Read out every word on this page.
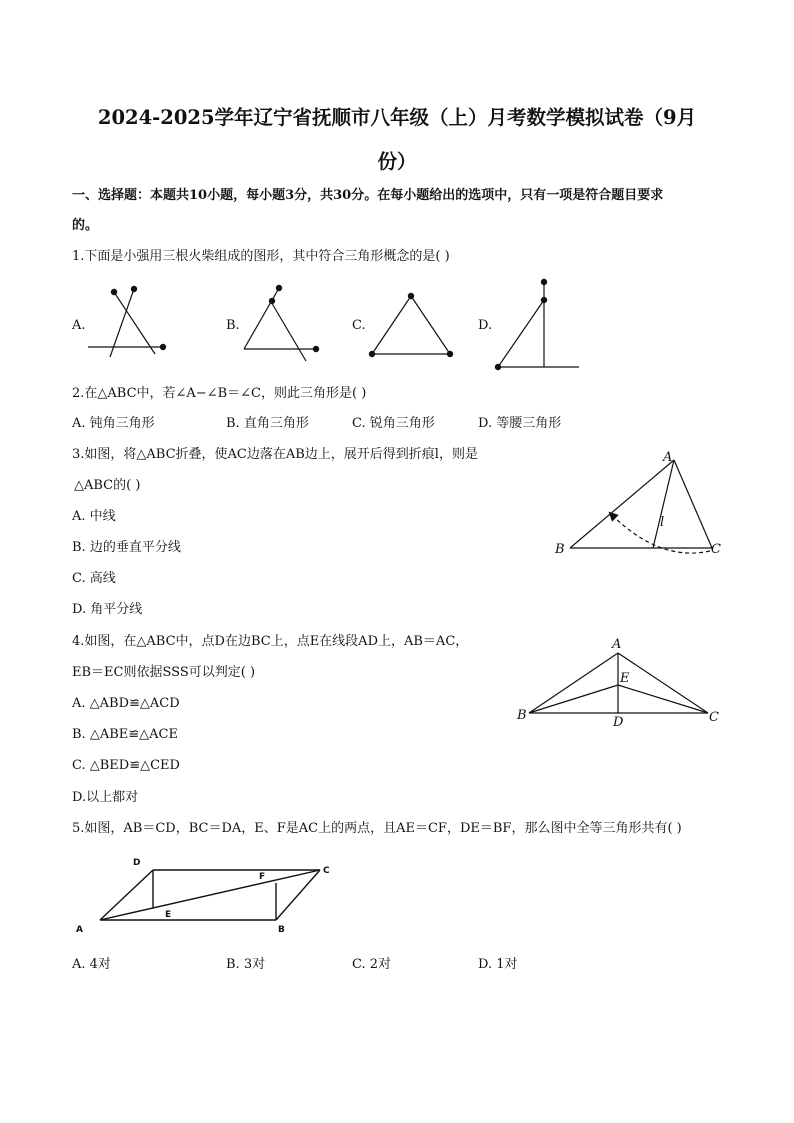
2024-2025学年辽宁省抚顺市八年级（上）月考数学模拟试卷（9月
份）
一、选择题：本题共10小题，每小题3分，共30分。在每小题给出的选项中，只有一项是符合题目要求
的。
1.下面是小强用三根火柴组成的图形，其中符合三角形概念的是( )
A.	B.	C.	D.
2.在△ABC中，若∠A−∠B＝∠C，则此三角形是( )
A. 钝角三角形	B. 直角三角形	C. 锐角三角形	D. 等腰三角形
3.如图，将△ABC折叠，使AC边落在AB边上，展开后得到折痕l，则是
△ABC的( )
A. 中线
B. 边的垂直平分线
C. 高线
D. 角平分线
A
B	C
l
4.如图，在△ABC中，点D在边BC上，点E在线段AD上，AB＝AC，
EB＝EC则依据SSS可以判定( )
A. △ABD≌△ACD
B. △ABE≌△ACE
C. △BED≌△CED
D.以上都对
A
B	C
D
E
5.如图，AB＝CD，BC＝DA，E、F是AC上的两点，且AE＝CF，DE＝BF，那么图中全等三角形共有( )
A	B
C
D
E
F
A. 4对	B. 3对	C. 2对	D. 1对
